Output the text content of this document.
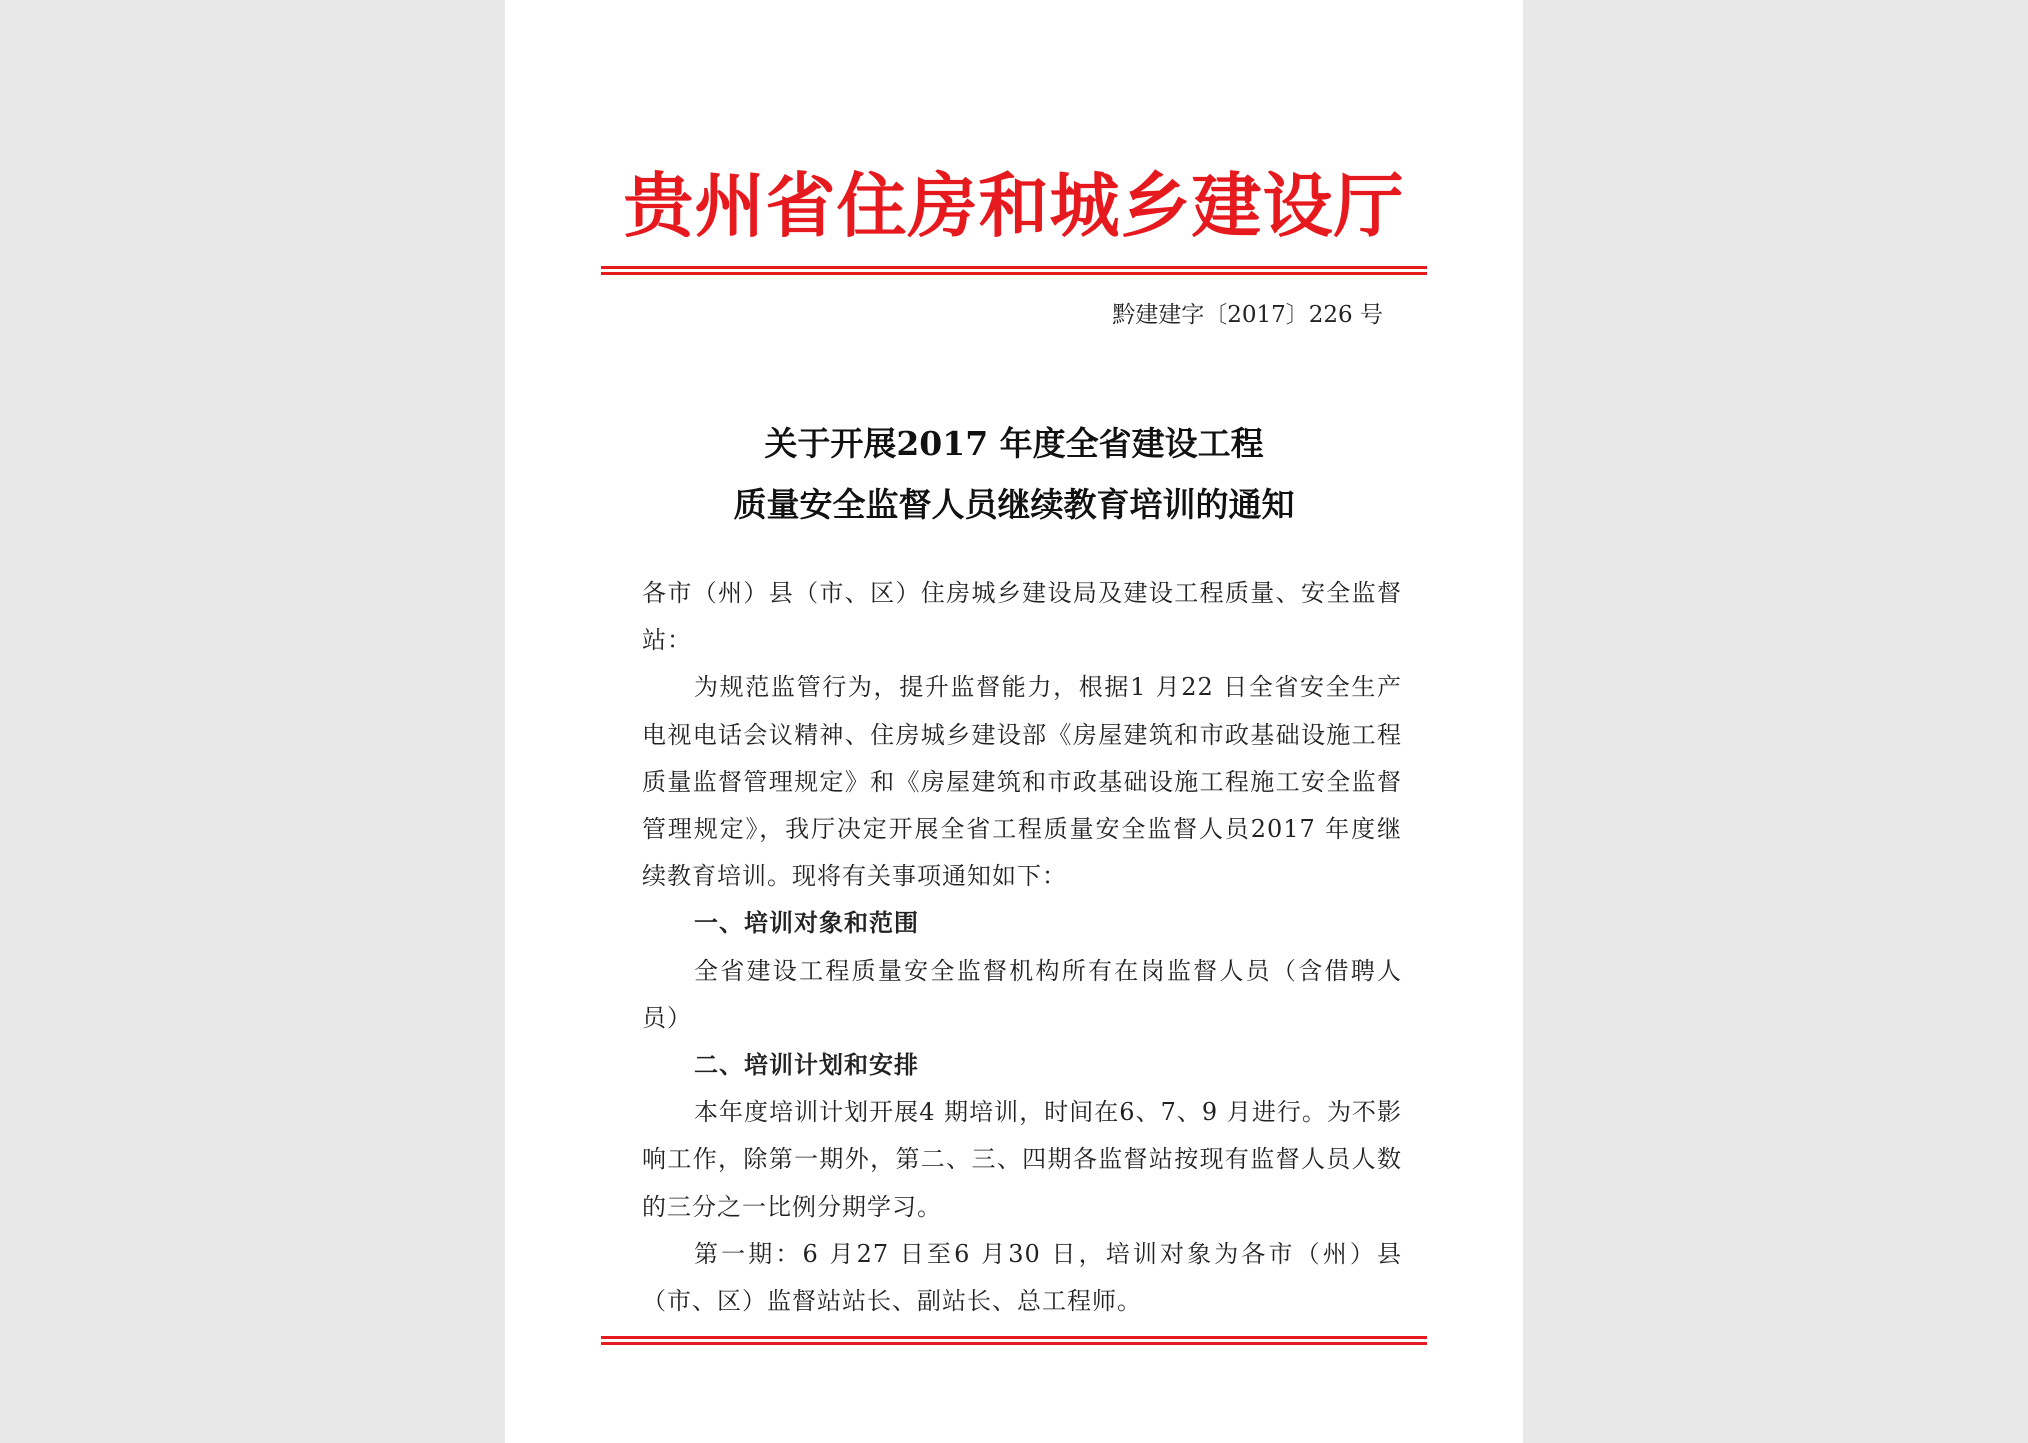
贵州省住房和城乡建设厅
黔建建字〔2017〕226 号
关于开展2017 年度全省建设工程
质量安全监督人员继续教育培训的通知

各市（州）县（市、区）住房城乡建设局及建设工程质量、安全监督站：

为规范监管行为，提升监督能力，根据1 月22 日全省安全生产电视电话会议精神、住房城乡建设部《房屋建筑和市政基础设施工程质量监督管理规定》和《房屋建筑和市政基础设施工程施工安全监督管理规定》，我厅决定开展全省工程质量安全监督人员2017 年度继续教育培训。现将有关事项通知如下：

一、培训对象和范围

全省建设工程质量安全监督机构所有在岗监督人员（含借聘人员）

二、培训计划和安排

本年度培训计划开展4 期培训，时间在6、7、9 月进行。为不影响工作，除第一期外，第二、三、四期各监督站按现有监督人员人数的三分之一比例分期学习。

第一期：6 月27 日至6 月30 日，培训对象为各市（州）县（市、区）监督站站长、副站长、总工程师。
